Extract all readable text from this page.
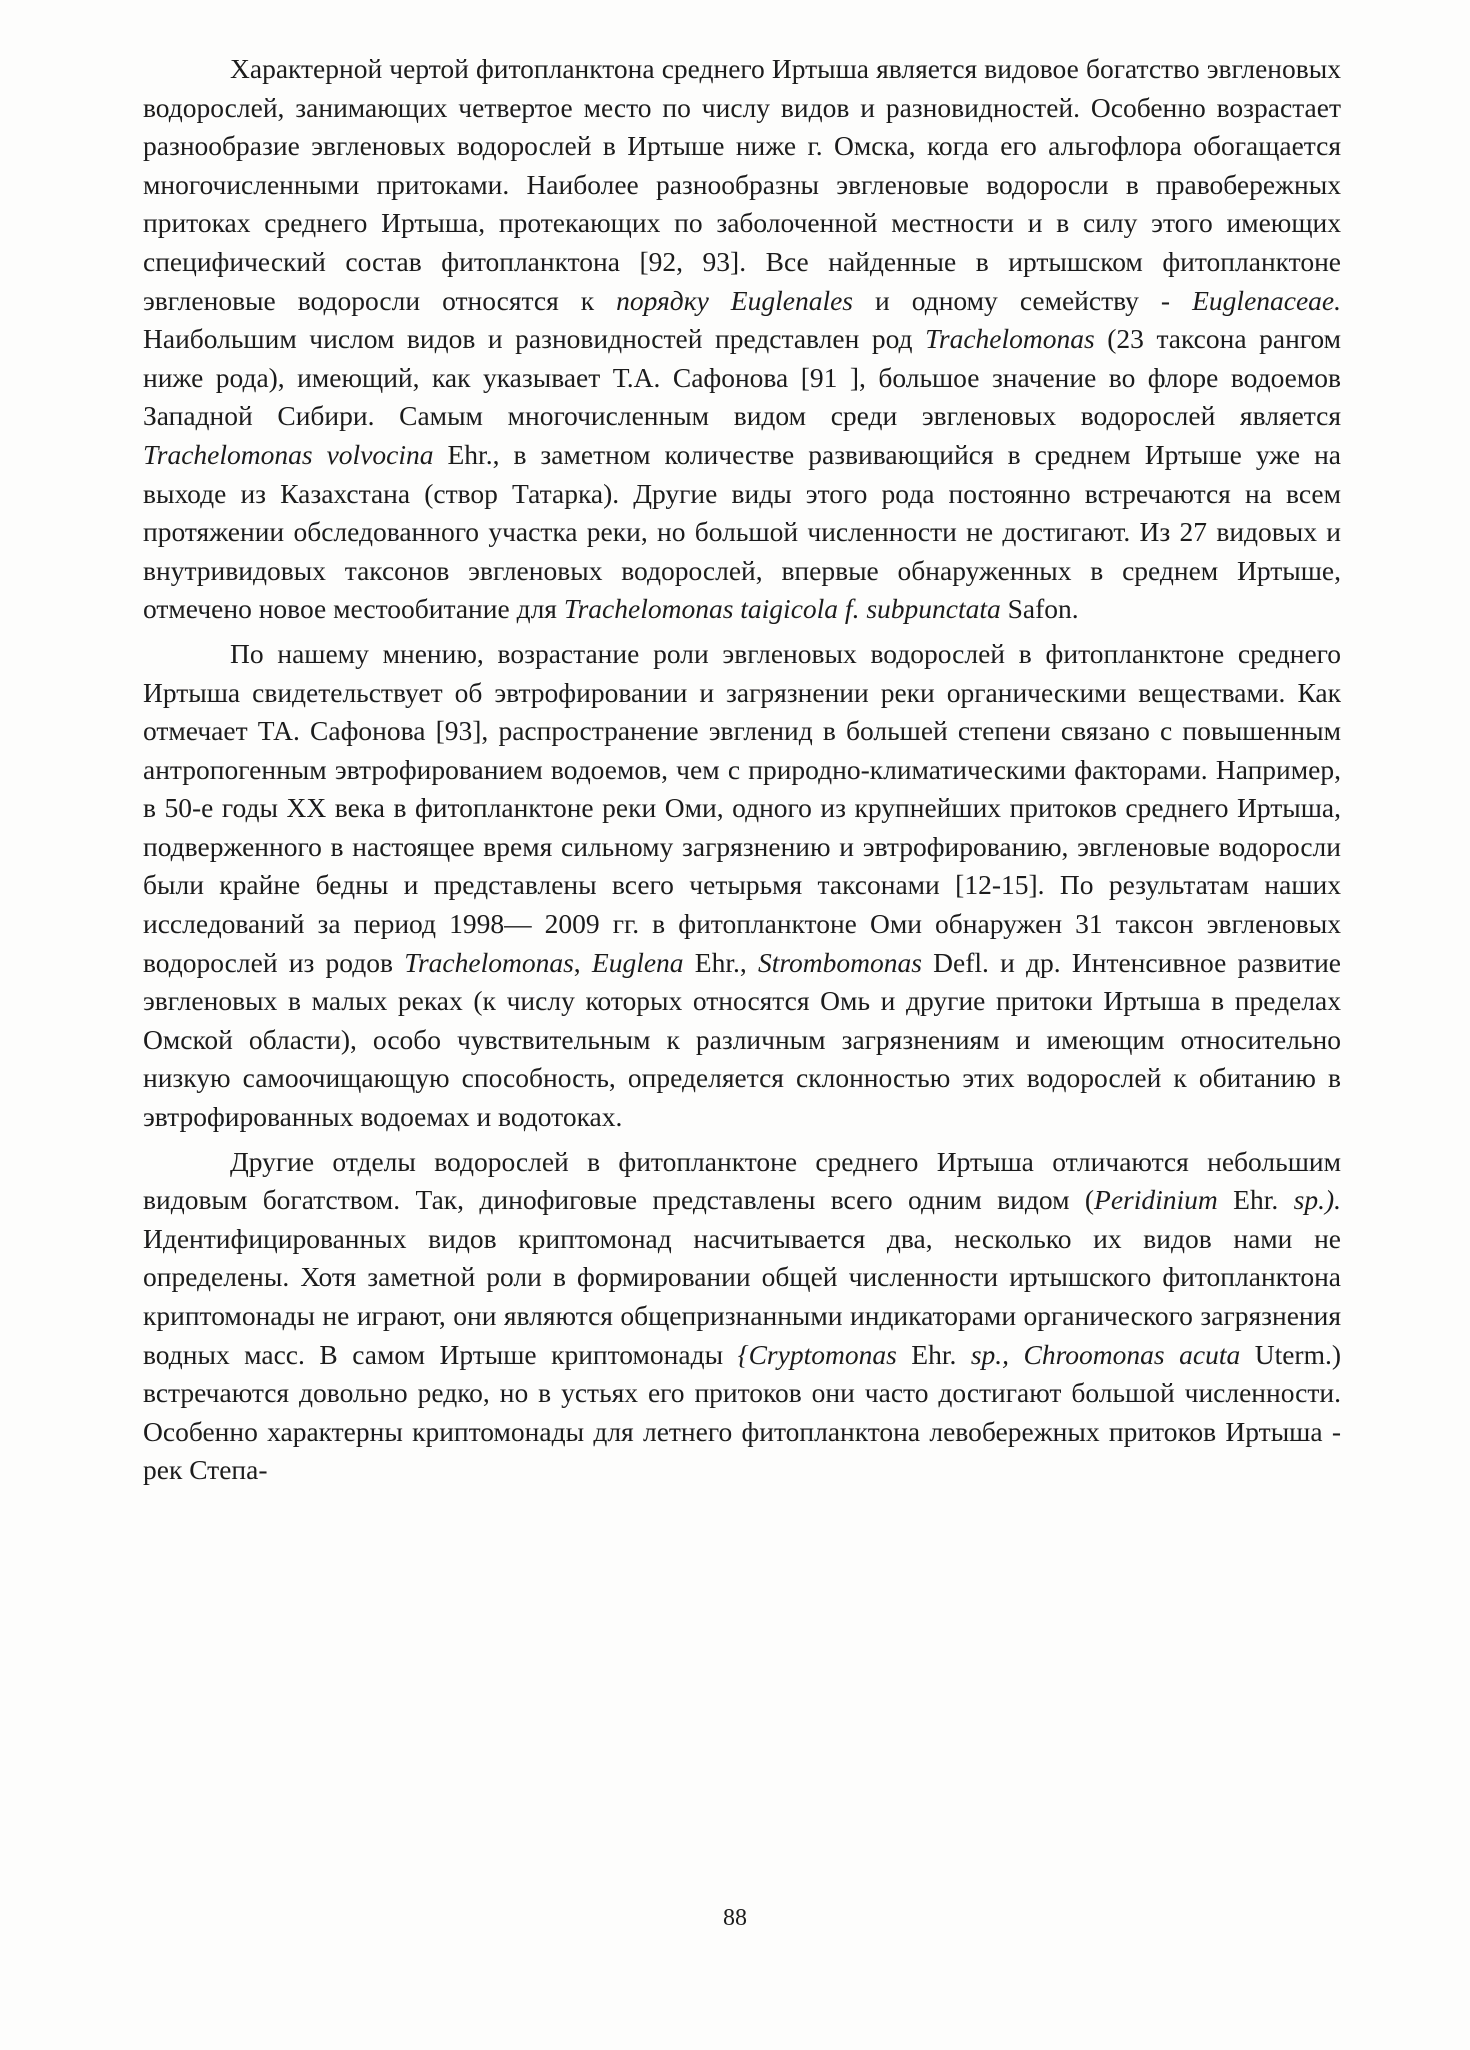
Характерной чертой фитопланктона среднего Иртыша является видовое богатство эвгленовых водорослей, занимающих четвертое место по числу видов и разновидностей. Особенно возрастает разнообразие эвгленовых водорослей в Иртыше ниже г. Омска, когда его альгофлора обогащается многочисленными притоками. Наиболее разнообразны эвгленовые водоросли в правобережных притоках среднего Иртыша, протекающих по заболоченной местности и в силу этого имеющих специфический состав фитопланктона [92, 93]. Все найденные в иртышском фитопланктоне эвгленовые водоросли относятся к порядку Euglenales и одному семейству - Euglenaceae. Наибольшим числом видов и разновидностей представлен род Trachelomonas (23 таксона рангом ниже рода), имеющий, как указывает Т.А. Сафонова [91 ], большое значение во флоре водоемов Западной Сибири. Самым многочисленным видом среди эвгленовых водорослей является Trachelomonas volvocina Ehr., в заметном количестве развивающийся в среднем Иртыше уже на выходе из Казахстана (створ Татарка). Другие виды этого рода постоянно встречаются на всем протяжении обследованного участка реки, но большой численности не достигают. Из 27 видовых и внутривидовых таксонов эвгленовых водорослей, впервые обнаруженных в среднем Иртыше, отмечено новое местообитание для Trachelomonas taigicola f. subpunctata Safon.

По нашему мнению, возрастание роли эвгленовых водорослей в фитопланктоне среднего Иртыша свидетельствует об эвтрофировании и загрязнении реки органическими веществами. Как отмечает ТА. Сафонова [93], распространение эвгленид в большей степени связано с повышенным антропогенным эвтрофированием водоемов, чем с природно-климатическими факторами. Например, в 50-е годы XX века в фитопланктоне реки Оми, одного из крупнейших притоков среднего Иртыша, подверженного в настоящее время сильному загрязнению и эвтрофированию, эвгленовые водоросли были крайне бедны и представлены всего четырьмя таксонами [12-15]. По результатам наших исследований за период 1998— 2009 гг. в фитопланктоне Оми обнаружен 31 таксон эвгленовых водорослей из родов Trachelomonas, Euglena Ehr., Strombomonas Defl. и др. Интенсивное развитие эвгленовых в малых реках (к числу которых относятся Омь и другие притоки Иртыша в пределах Омской области), особо чувствительным к различным загрязнениям и имеющим относительно низкую самоочищающую способность, определяется склонностью этих водорослей к обитанию в эвтрофированных водоемах и водотоках.

Другие отделы водорослей в фитопланктоне среднего Иртыша отличаются небольшим видовым богатством. Так, динофиговые представлены всего одним видом (Peridinium Ehr. sp.). Идентифицированных видов криптомонад насчитывается два, несколько их видов нами не определены. Хотя заметной роли в формировании общей численности иртышского фитопланктона криптомонады не играют, они являются общепризнанными индикаторами органического загрязнения водных масс. В самом Иртыше криптомонады {Cryptomonas Ehr. sp., Chroomonas acuta Uterm.) встречаются довольно редко, но в устьях его притоков они часто достигают большой численности. Особенно характерны криптомонады для летнего фитопланктона левобережных притоков Иртыша - рек Степа-

88
